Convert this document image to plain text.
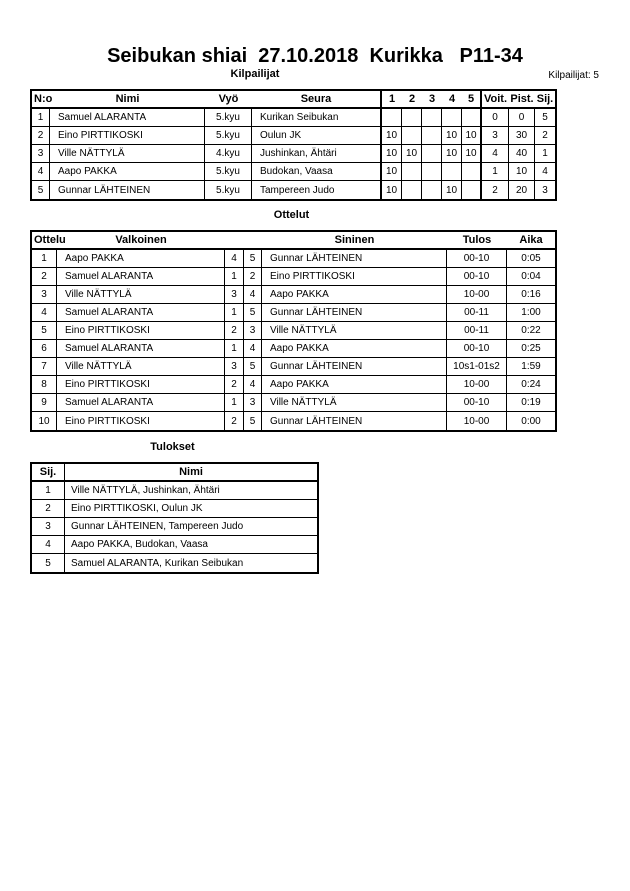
Seibukan shiai  27.10.2018  Kurikka   P11-34
Kilpailijat	Kilpailijat: 5
N:o	Nimi	Vyö	Seura	1	2	3	4	5	Voit.	Pist.	Sij.
1	Samuel ALARANTA	5.kyu	Kurikan Seibukan						0	0	5
2	Eino PIRTTIKOSKI	5.kyu	Oulun JK	10			10	10	3	30	2
3	Ville NÄTTYLÄ	4.kyu	Jushinkan, Ähtäri	10	10		10	10	4	40	1
4	Aapo PAKKA	5.kyu	Budokan, Vaasa	10					1	10	4
5	Gunnar LÄHTEINEN	5.kyu	Tampereen Judo	10			10		2	20	3
Ottelut
Ottelu	Valkoinen			Sininen	Tulos	Aika
1	Aapo PAKKA	4	5	Gunnar LÄHTEINEN	00-10	0:05
2	Samuel ALARANTA	1	2	Eino PIRTTIKOSKI	00-10	0:04
3	Ville NÄTTYLÄ	3	4	Aapo PAKKA	10-00	0:16
4	Samuel ALARANTA	1	5	Gunnar LÄHTEINEN	00-11	1:00
5	Eino PIRTTIKOSKI	2	3	Ville NÄTTYLÄ	00-11	0:22
6	Samuel ALARANTA	1	4	Aapo PAKKA	00-10	0:25
7	Ville NÄTTYLÄ	3	5	Gunnar LÄHTEINEN	10s1-01s2	1:59
8	Eino PIRTTIKOSKI	2	4	Aapo PAKKA	10-00	0:24
9	Samuel ALARANTA	1	3	Ville NÄTTYLÄ	00-10	0:19
10	Eino PIRTTIKOSKI	2	5	Gunnar LÄHTEINEN	10-00	0:00
Tulokset
Sij.	Nimi
1	Ville NÄTTYLÄ, Jushinkan, Ähtäri
2	Eino PIRTTIKOSKI, Oulun JK
3	Gunnar LÄHTEINEN, Tampereen Judo
4	Aapo PAKKA, Budokan, Vaasa
5	Samuel ALARANTA, Kurikan Seibukan
